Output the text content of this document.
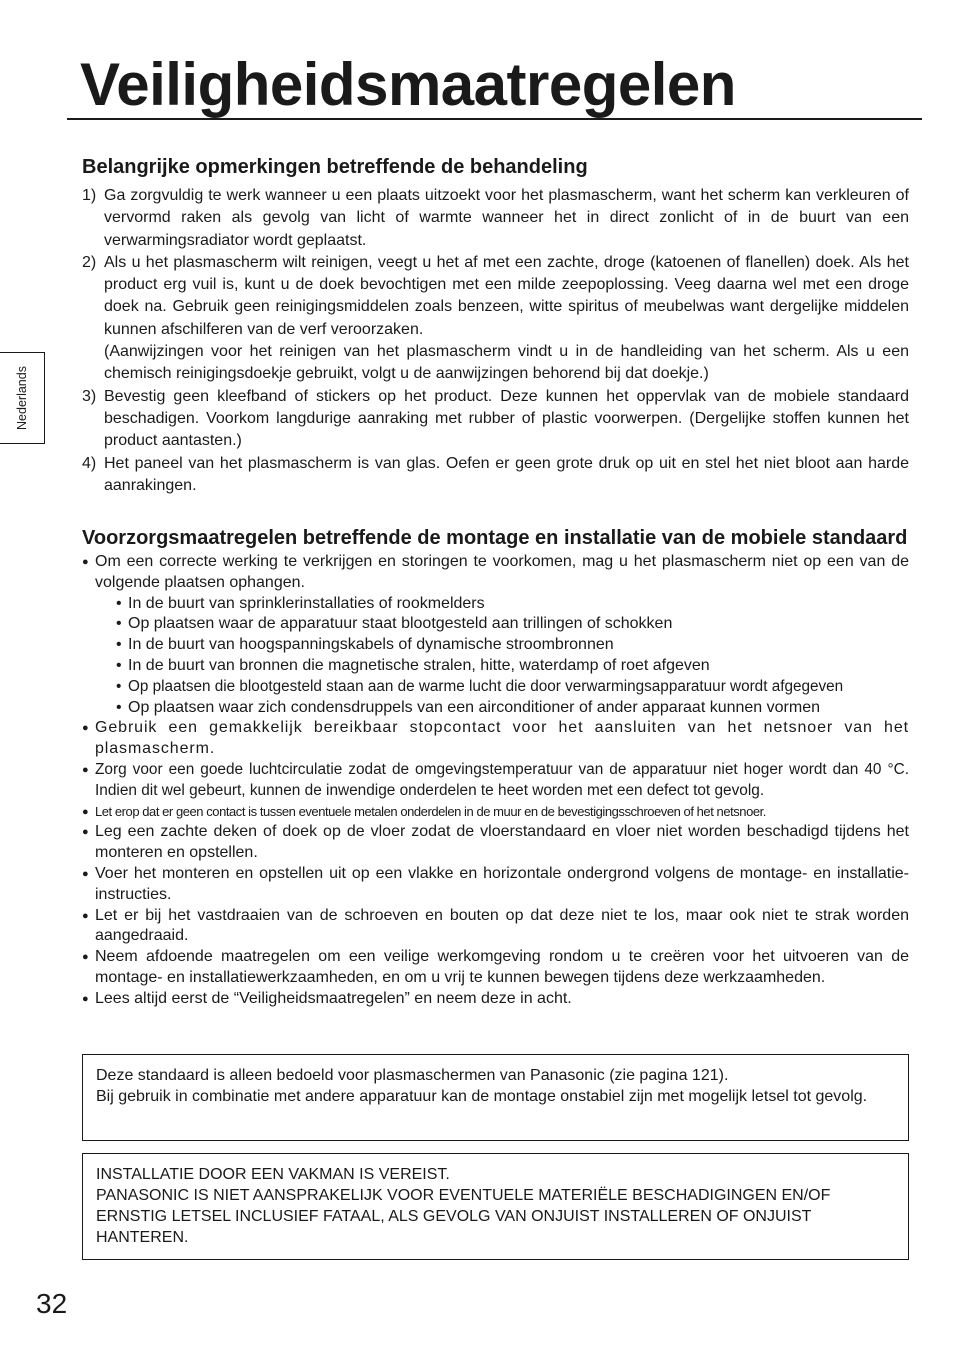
Veiligheidsmaatregelen
Nederlands
Belangrijke opmerkingen betreffende de behandeling
1) Ga zorgvuldig te werk wanneer u een plaats uitzoekt voor het plasmascherm, want het scherm kan verkleuren of vervormd raken als gevolg van licht of warmte wanneer het in direct zonlicht of in de buurt van een verwarmingsradiator wordt geplaatst.
2) Als u het plasmascherm wilt reinigen, veegt u het af met een zachte, droge (katoenen of flanellen) doek. Als het product erg vuil is, kunt u de doek bevochtigen met een milde zeepoplossing. Veeg daarna wel met een droge doek na. Gebruik geen reinigingsmiddelen zoals benzeen, witte spiritus of meubelwas want dergelijke middelen kunnen afschilferen van de verf veroorzaken.
(Aanwijzingen voor het reinigen van het plasmascherm vindt u in de handleiding van het scherm. Als u een chemisch reinigingsdoekje gebruikt, volgt u de aanwijzingen behorend bij dat doekje.)
3) Bevestig geen kleefband of stickers op het product. Deze kunnen het oppervlak van de mobiele standaard beschadigen. Voorkom langdurige aanraking met rubber of plastic voorwerpen. (Dergelijke stoffen kunnen het product aantasten.)
4) Het paneel van het plasmascherm is van glas. Oefen er geen grote druk op uit en stel het niet bloot aan harde aanrakingen.
Voorzorgsmaatregelen betreffende de montage en installatie van de mobiele standaard
● Om een correcte werking te verkrijgen en storingen te voorkomen, mag u het plasmascherm niet op een van de volgende plaatsen ophangen.
• In de buurt van sprinklerinstallaties of rookmelders
• Op plaatsen waar de apparatuur staat blootgesteld aan trillingen of schokken
• In de buurt van hoogspanningskabels of dynamische stroombronnen
• In de buurt van bronnen die magnetische stralen, hitte, waterdamp of roet afgeven
• Op plaatsen die blootgesteld staan aan de warme lucht die door verwarmingsapparatuur wordt afgegeven
• Op plaatsen waar zich condensdruppels van een airconditioner of ander apparaat kunnen vormen
● Gebruik een gemakkelijk bereikbaar stopcontact voor het aansluiten van het netsnoer van het plasmascherm.
● Zorg voor een goede luchtcirculatie zodat de omgevingstemperatuur van de apparatuur niet hoger wordt dan 40 °C. Indien dit wel gebeurt, kunnen de inwendige onderdelen te heet worden met een defect tot gevolg.
● Let erop dat er geen contact is tussen eventuele metalen onderdelen in de muur en de bevestigingsschroeven of het netsnoer.
● Leg een zachte deken of doek op de vloer zodat de vloerstandaard en vloer niet worden beschadigd tijdens het monteren en opstellen.
● Voer het monteren en opstellen uit op een vlakke en horizontale ondergrond volgens de montage- en installatie-instructies.
● Let er bij het vastdraaien van de schroeven en bouten op dat deze niet te los, maar ook niet te strak worden aangedraaid.
● Neem afdoende maatregelen om een veilige werkomgeving rondom u te creëren voor het uitvoeren van de montage- en installatiewerkzaamheden, en om u vrij te kunnen bewegen tijdens deze werkzaamheden.
● Lees altijd eerst de “Veiligheidsmaatregelen” en neem deze in acht.

Deze standaard is alleen bedoeld voor plasmaschermen van Panasonic (zie pagina 121).

Bij gebruik in combinatie met andere apparatuur kan de montage onstabiel zijn met mogelijk letsel tot gevolg.

INSTALLATIE DOOR EEN VAKMAN IS VEREIST.

PANASONIC IS NIET AANSPRAKELIJK VOOR EVENTUELE MATERIËLE BESCHADIGINGEN EN/OF ERNSTIG LETSEL INCLUSIEF FATAAL, ALS GEVOLG VAN ONJUIST INSTALLEREN OF ONJUIST HANTEREN.

32
